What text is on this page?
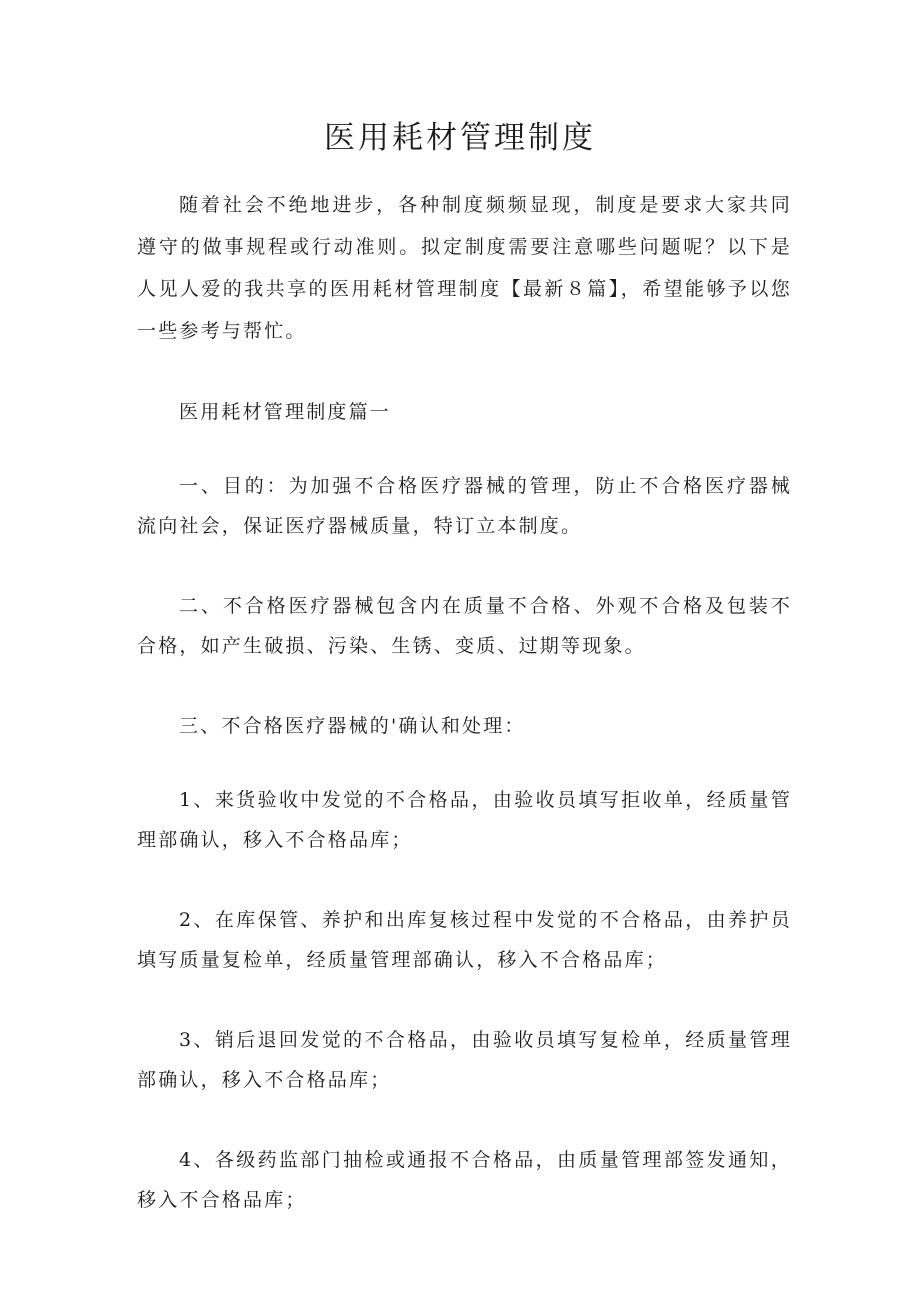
医用耗材管理制度

随着社会不绝地进步，各种制度频频显现，制度是要求大家共同遵守的做事规程或行动准则。拟定制度需要注意哪些问题呢？以下是人见人爱的我共享的医用耗材管理制度【最新８篇】，希望能够予以您一些参考与帮忙。

医用耗材管理制度篇一

一、目的：为加强不合格医疗器械的管理，防止不合格医疗器械流向社会，保证医疗器械质量，特订立本制度。

二、不合格医疗器械包含内在质量不合格、外观不合格及包装不合格，如产生破损、污染、生锈、变质、过期等现象。

三、不合格医疗器械的'确认和处理：

1、来货验收中发觉的不合格品，由验收员填写拒收单，经质量管理部确认，移入不合格品库；

2、在库保管、养护和出库复核过程中发觉的不合格品，由养护员填写质量复检单，经质量管理部确认，移入不合格品库；

3、销后退回发觉的不合格品，由验收员填写复检单，经质量管理部确认，移入不合格品库；

4、各级药监部门抽检或通报不合格品，由质量管理部签发通知，移入不合格品库；
